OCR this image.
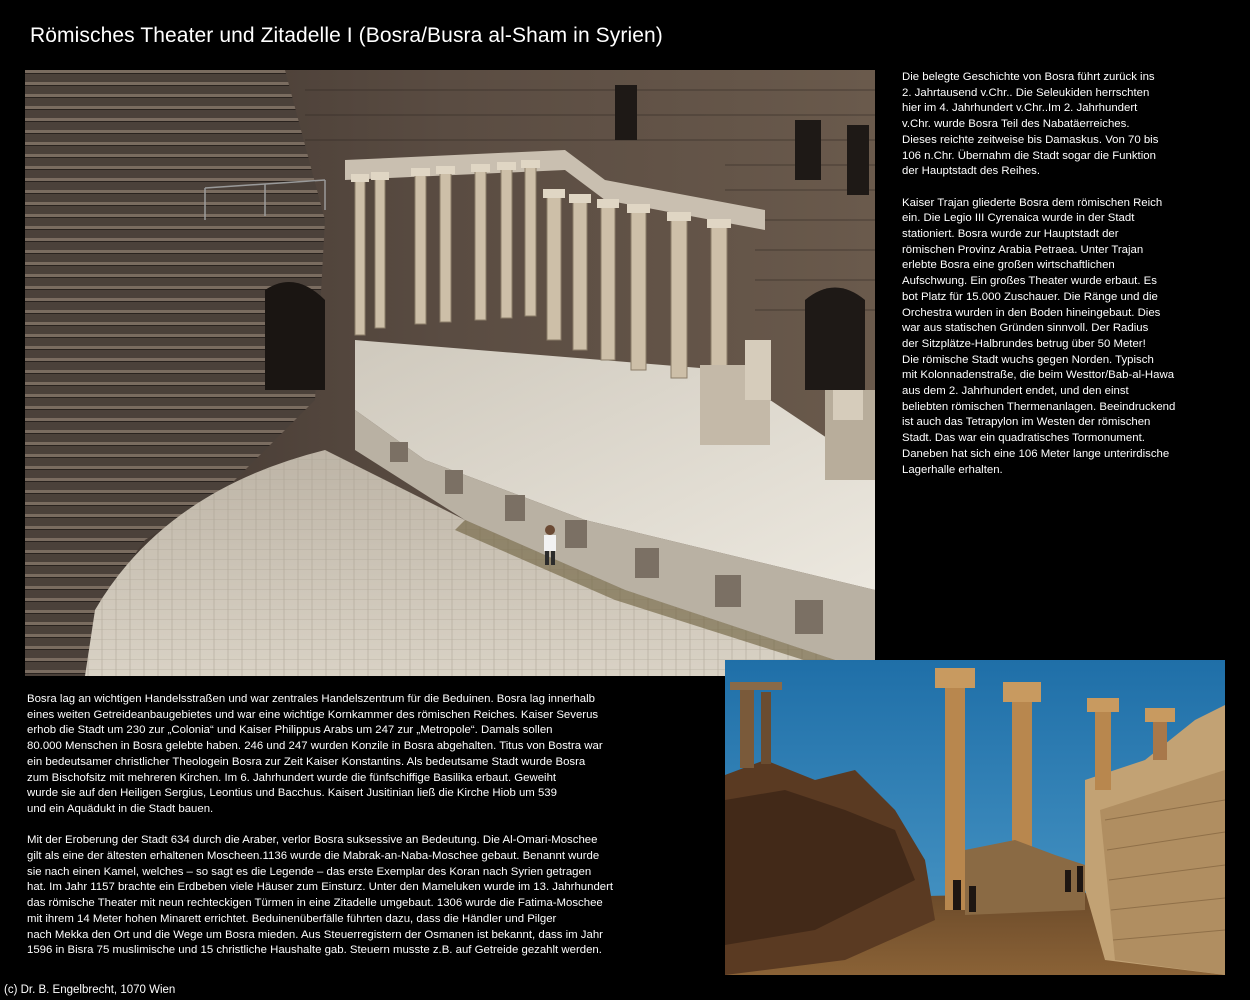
Römisches Theater und Zitadelle I (Bosra/Busra al-Sham in Syrien)
Die belegte Geschichte von Bosra führt zurück ins
2. Jahrtausend v.Chr.. Die Seleukiden herrschten
hier im 4. Jahrhundert v.Chr..Im 2. Jahrhundert
v.Chr. wurde Bosra Teil des Nabatäerreiches.
Dieses reichte zeitweise bis Damaskus. Von 70 bis
106 n.Chr. Übernahm die Stadt sogar die Funktion
der Hauptstadt des Reihes.

Kaiser Trajan gliederte Bosra dem römischen Reich
ein. Die Legio III Cyrenaica wurde in der Stadt
stationiert. Bosra wurde zur Hauptstadt der
römischen Provinz Arabia Petraea. Unter Trajan
erlebte Bosra eine großen wirtschaftlichen
Aufschwung. Ein großes Theater wurde erbaut. Es
bot Platz für 15.000 Zuschauer. Die Ränge und die
Orchestra wurden in den Boden hineingebaut. Dies
war aus statischen Gründen sinnvoll. Der Radius
der Sitzplätze-Halbrundes betrug über 50 Meter!
Die römische Stadt wuchs gegen Norden. Typisch
mit Kolonnadenstraße, die beim Westtor/Bab-al-Hawa
aus dem 2. Jahrhundert endet, und den einst
beliebten römischen Thermenanlagen. Beeindruckend
ist auch das Tetrapylon im Westen der römischen
Stadt. Das war ein quadratisches Tormonument.
Daneben hat sich eine 106 Meter lange unterirdische
Lagerhalle erhalten.
Bosra lag an wichtigen Handelsstraßen und war zentrales Handelszentrum für die Beduinen. Bosra lag innerhalb
eines weiten Getreideanbaugebietes und war eine wichtige Kornkammer des römischen Reiches. Kaiser Severus
erhob die Stadt um 230 zur „Colonia“ und Kaiser Philippus Arabs um 247 zur „Metropole“. Damals sollen
80.000 Menschen in Bosra gelebte haben. 246 und 247 wurden Konzile in Bosra abgehalten. Titus von Bostra war
ein bedeutsamer christlicher Theologein Bosra zur Zeit Kaiser Konstantins. Als bedeutsame Stadt wurde Bosra
zum Bischofsitz mit mehreren Kirchen. Im 6. Jahrhundert wurde die fünfschiffige Basilika erbaut. Geweiht
wurde sie auf den Heiligen Sergius, Leontius und Bacchus. Kaisert Jusitinian ließ die Kirche Hiob um 539
und ein Aquädukt in die Stadt bauen.

Mit der Eroberung der Stadt 634 durch die Araber, verlor Bosra suksessive an Bedeutung. Die Al-Omari-Moschee
gilt als eine der ältesten erhaltenen Moscheen.1136 wurde die Mabrak-an-Naba-Moschee gebaut. Benannt wurde
sie nach einen Kamel, welches – so sagt es die Legende – das erste Exemplar des Koran nach Syrien getragen
hat. Im Jahr 1157 brachte ein Erdbeben viele Häuser zum Einsturz. Unter den Mameluken wurde im 13. Jahrhundert
das römische Theater mit neun rechteckigen Türmen in eine Zitadelle umgebaut. 1306 wurde die Fatima-Moschee
mit ihrem 14 Meter hohen Minarett errichtet. Beduinenüberfälle führten dazu, dass die Händler und Pilger
nach Mekka den Ort und die Wege um Bosra mieden. Aus Steuerregistern der Osmanen ist bekannt, dass im Jahr
1596 in Bisra 75 muslimische und 15 christliche Haushalte gab. Steuern musste z.B. auf Getreide gezahlt werden.
(c) Dr. B. Engelbrecht, 1070 Wien
